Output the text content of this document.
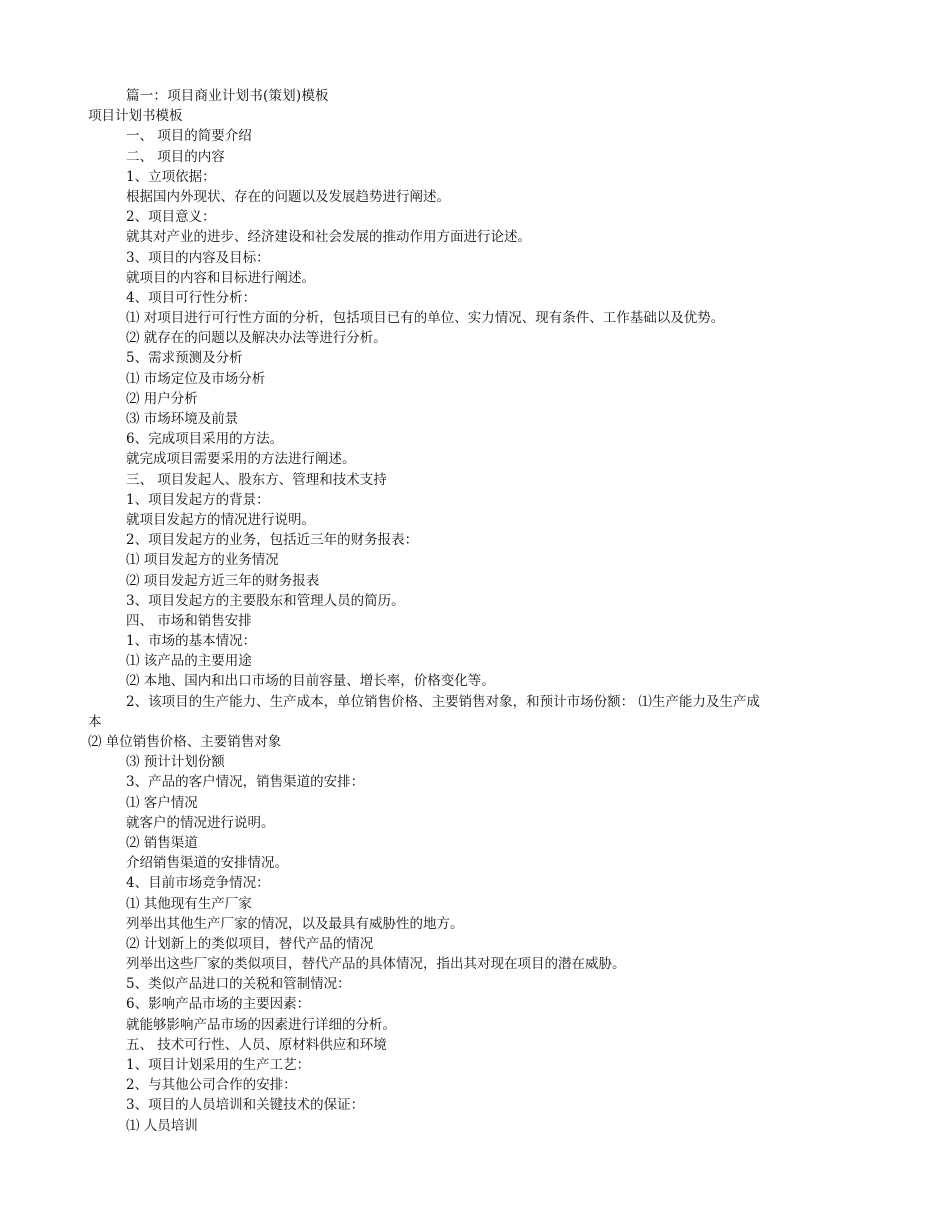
篇一：项目商业计划书(策划)模板
项目计划书模板
一、 项目的简要介绍
二、 项目的内容
1、立项依据：
根据国内外现状、存在的问题以及发展趋势进行阐述。
2、项目意义：
就其对产业的进步、经济建设和社会发展的推动作用方面进行论述。
3、项目的内容及目标：
就项目的内容和目标进行阐述。
4、项目可行性分析：
⑴ 对项目进行可行性方面的分析，包括项目已有的单位、实力情况、现有条件、工作基础以及优势。
⑵ 就存在的问题以及解决办法等进行分析。
5、需求预测及分析
⑴ 市场定位及市场分析
⑵ 用户分析
⑶ 市场环境及前景
6、完成项目采用的方法。
就完成项目需要采用的方法进行阐述。
三、 项目发起人、股东方、管理和技术支持
1、项目发起方的背景：
就项目发起方的情况进行说明。
2、项目发起方的业务，包括近三年的财务报表：
⑴ 项目发起方的业务情况
⑵ 项目发起方近三年的财务报表
3、项目发起方的主要股东和管理人员的简历。
四、 市场和销售安排
1、市场的基本情况：
⑴ 该产品的主要用途
⑵ 本地、国内和出口市场的目前容量、增长率，价格变化等。
2、该项目的生产能力、生产成本，单位销售价格、主要销售对象，和预计市场份额： ⑴生产能力及生产成
本
⑵ 单位销售价格、主要销售对象
⑶ 预计计划份额
3、产品的客户情况，销售渠道的安排：
⑴ 客户情况
就客户的情况进行说明。
⑵ 销售渠道
介绍销售渠道的安排情况。
4、目前市场竞争情况：
⑴ 其他现有生产厂家
列举出其他生产厂家的情况，以及最具有威胁性的地方。
⑵ 计划新上的类似项目，替代产品的情况
列举出这些厂家的类似项目，替代产品的具体情况，指出其对现在项目的潜在威胁。
5、类似产品进口的关税和管制情况：
6、影响产品市场的主要因素：
就能够影响产品市场的因素进行详细的分析。
五、 技术可行性、人员、原材料供应和环境
1、项目计划采用的生产工艺：
2、与其他公司合作的安排：
3、项目的人员培训和关键技术的保证：
⑴ 人员培训
